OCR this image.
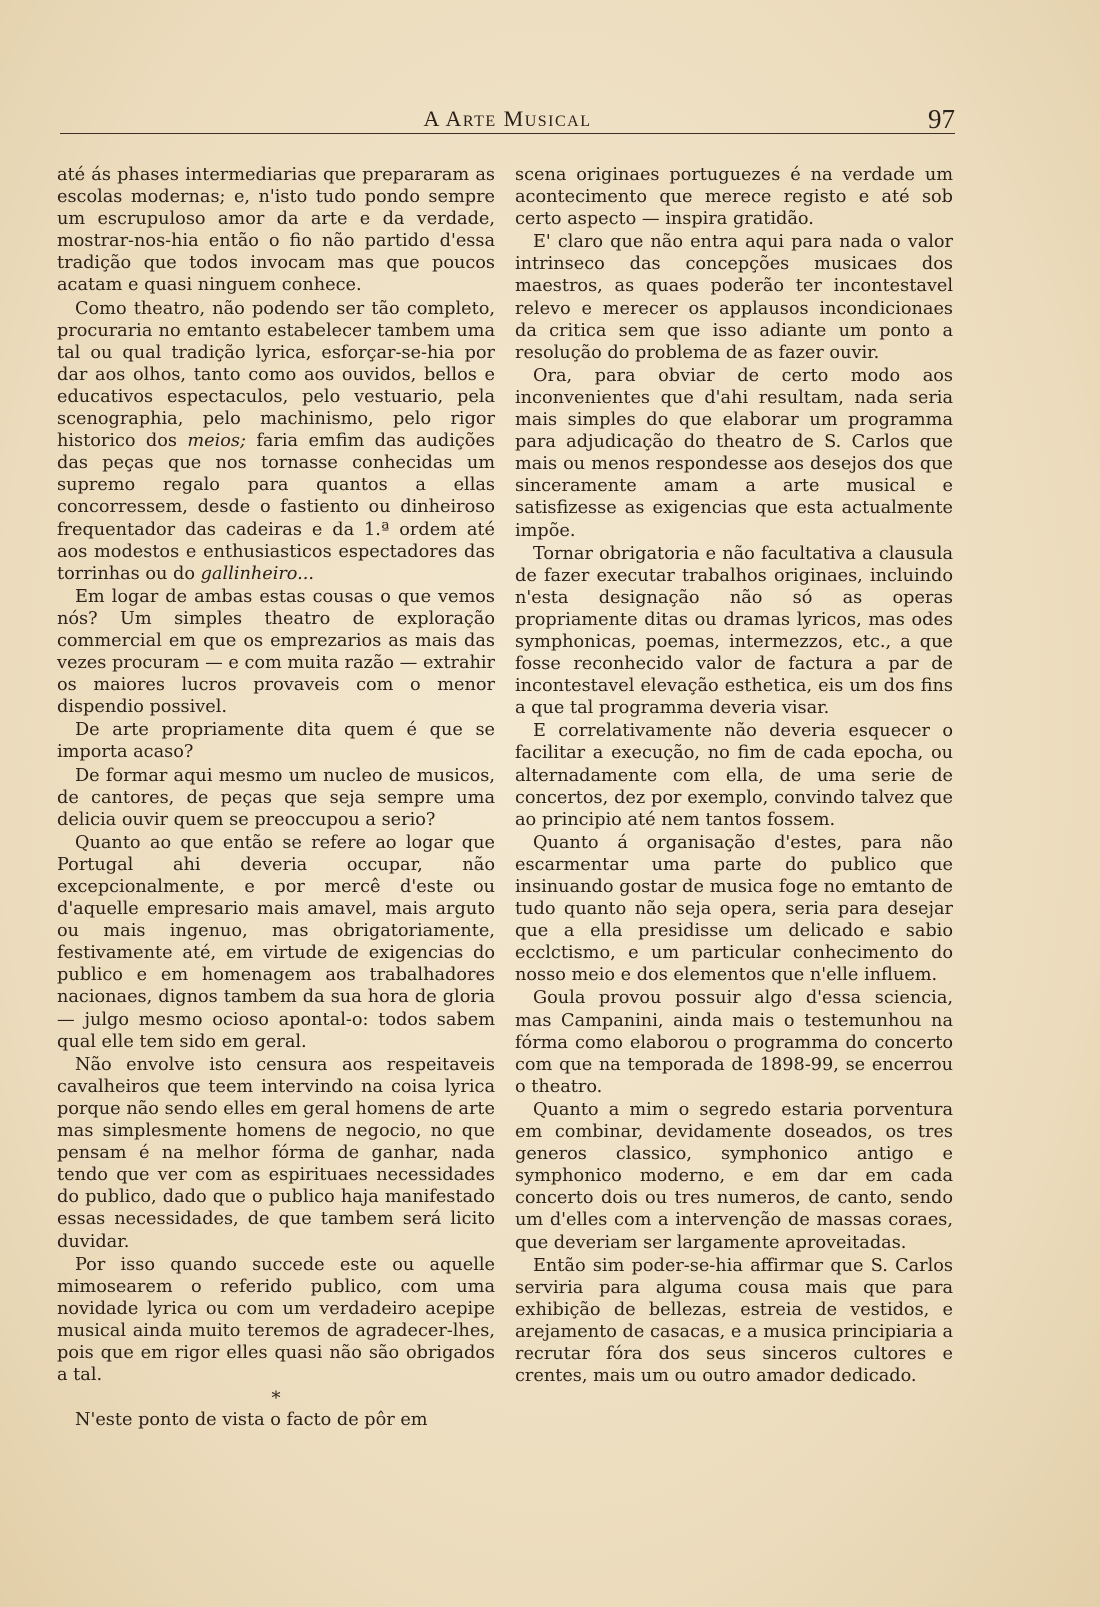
A ARTE MUSICAL	97

até ás phases intermediarias que prepararam as escolas modernas; e, n'isto tudo pondo sempre um escrupuloso amor da arte e da verdade, mostrar-nos-hia então o fio não partido d'essa tradição que todos invocam mas que poucos acatam e quasi ninguem conhece.

Como theatro, não podendo ser tão completo, procuraria no emtanto estabelecer tambem uma tal ou qual tradição lyrica, esforçar-se-hia por dar aos olhos, tanto como aos ouvidos, bellos e educativos espectaculos, pelo vestuario, pela scenographia, pelo machinismo, pelo rigor historico dos meios; faria emfim das audições das peças que nos tornasse conhecidas um supremo regalo para quantos a ellas concorressem, desde o fastiento ou dinheiroso frequentador das cadeiras e da 1.ª ordem até aos modestos e enthusiasticos espectadores das torrinhas ou do gallinheiro...

Em logar de ambas estas cousas o que vemos nós? Um simples theatro de exploração commercial em que os emprezarios as mais das vezes procuram — e com muita razão — extrahir os maiores lucros provaveis com o menor dispendio possivel.

De arte propriamente dita quem é que se importa acaso?

De formar aqui mesmo um nucleo de musicos, de cantores, de peças que seja sempre uma delicia ouvir quem se preoccupou a serio?

Quanto ao que então se refere ao logar que Portugal ahi deveria occupar, não excepcionalmente, e por mercê d'este ou d'aquelle empresario mais amavel, mais arguto ou mais ingenuo, mas obrigatoriamente, festivamente até, em virtude de exigencias do publico e em homenagem aos trabalhadores nacionaes, dignos tambem da sua hora de gloria — julgo mesmo ocioso apontal-o: todos sabem qual elle tem sido em geral.

Não envolve isto censura aos respeitaveis cavalheiros que teem intervindo na coisa lyrica porque não sendo elles em geral homens de arte mas simplesmente homens de negocio, no que pensam é na melhor fórma de ganhar, nada tendo que ver com as espirituaes necessidades do publico, dado que o publico haja manifestado essas necessidades, de que tambem será licito duvidar.

Por isso quando succede este ou aquelle mimosearem o referido publico, com uma novidade lyrica ou com um verdadeiro acepipe musical ainda muito teremos de agradecer-lhes, pois que em rigor elles quasi não são obrigados a tal.

*

N'este ponto de vista o facto de pôr em

scena originaes portuguezes é na verdade um acontecimento que merece registo e até sob certo aspecto — inspira gratidão.

E' claro que não entra aqui para nada o valor intrinseco das concepções musicaes dos maestros, as quaes poderão ter incontestavel relevo e merecer os applausos incondicionaes da critica sem que isso adiante um ponto a resolução do problema de as fazer ouvir.

Ora, para obviar de certo modo aos inconvenientes que d'ahi resultam, nada seria mais simples do que elaborar um programma para adjudicação do theatro de S. Carlos que mais ou menos respondesse aos desejos dos que sinceramente amam a arte musical e satisfizesse as exigencias que esta actualmente impõe.

Tornar obrigatoria e não facultativa a clausula de fazer executar trabalhos originaes, incluindo n'esta designação não só as operas propriamente ditas ou dramas lyricos, mas odes symphonicas, poemas, intermezzos, etc., a que fosse reconhecido valor de factura a par de incontestavel elevação esthetica, eis um dos fins a que tal programma deveria visar.

E correlativamente não deveria esquecer o facilitar a execução, no fim de cada epocha, ou alternadamente com ella, de uma serie de concertos, dez por exemplo, convindo talvez que ao principio até nem tantos fossem.

Quanto á organisação d'estes, para não escarmentar uma parte do publico que insinuando gostar de musica foge no emtanto de tudo quanto não seja opera, seria para desejar que a ella presidisse um delicado e sabio ecclctismo, e um particular conhecimento do nosso meio e dos elementos que n'elle influem.

Goula provou possuir algo d'essa sciencia, mas Campanini, ainda mais o testemunhou na fórma como elaborou o programma do concerto com que na temporada de 1898-99, se encerrou o theatro.

Quanto a mim o segredo estaria porventura em combinar, devidamente doseados, os tres generos classico, symphonico antigo e symphonico moderno, e em dar em cada concerto dois ou tres numeros, de canto, sendo um d'elles com a intervenção de massas coraes, que deveriam ser largamente aproveitadas.

Então sim poder-se-hia affirmar que S. Carlos serviria para alguma cousa mais que para exhibição de bellezas, estreia de vestidos, e arejamento de casacas, e a musica principiaria a recrutar fóra dos seus sinceros cultores e crentes, mais um ou outro amador dedicado.
